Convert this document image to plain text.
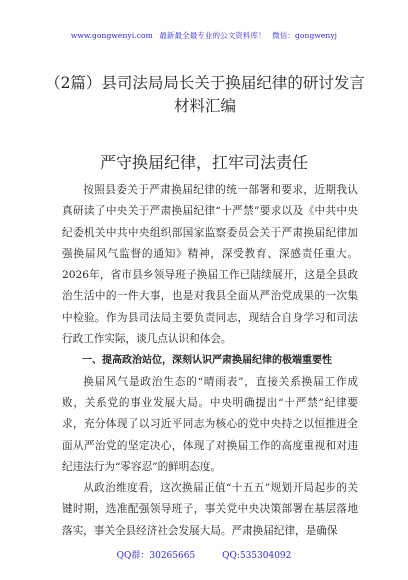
www.gongwenyi.com 最新最全最专业的公文资料库！ 微信：gongwenyj
（2篇）县司法局局长关于换届纪律的研讨发言材料汇编
严守换届纪律，扛牢司法责任

按照县委关于严肃换届纪律的统一部署和要求，近期我认真研读了中央关于严肃换届纪律“十严禁”要求以及《中共中央纪委机关中共中央组织部国家监察委员会关于严肃换届纪律加强换届风气监督的通知》精神，深受教育、深感责任重大。2026年，省市县乡领导班子换届工作已陆续展开，这是全县政治生活中的一件大事，也是对我县全面从严治党成果的一次集中检验。作为县司法局主要负责同志，现结合自身学习和司法行政工作实际，谈几点认识和体会。

一、提高政治站位，深刻认识严肃换届纪律的极端重要性

换届风气是政治生态的“晴雨表”，直接关系换届工作成败，关系党的事业发展大局。中央明确提出“十严禁”纪律要求，充分体现了以习近平同志为核心的党中央持之以恒推进全面从严治党的坚定决心，体现了对换届工作的高度重视和对违纪违法行为“零容忍”的鲜明态度。

从政治维度看，这次换届正值“十五五”规划开局起步的关键时期，选准配强领导班子，事关党中央决策部署在基层落地落实，事关全县经济社会发展大局。严肃换届纪律，是确保

QQ群：30265665	QQ:535304092
